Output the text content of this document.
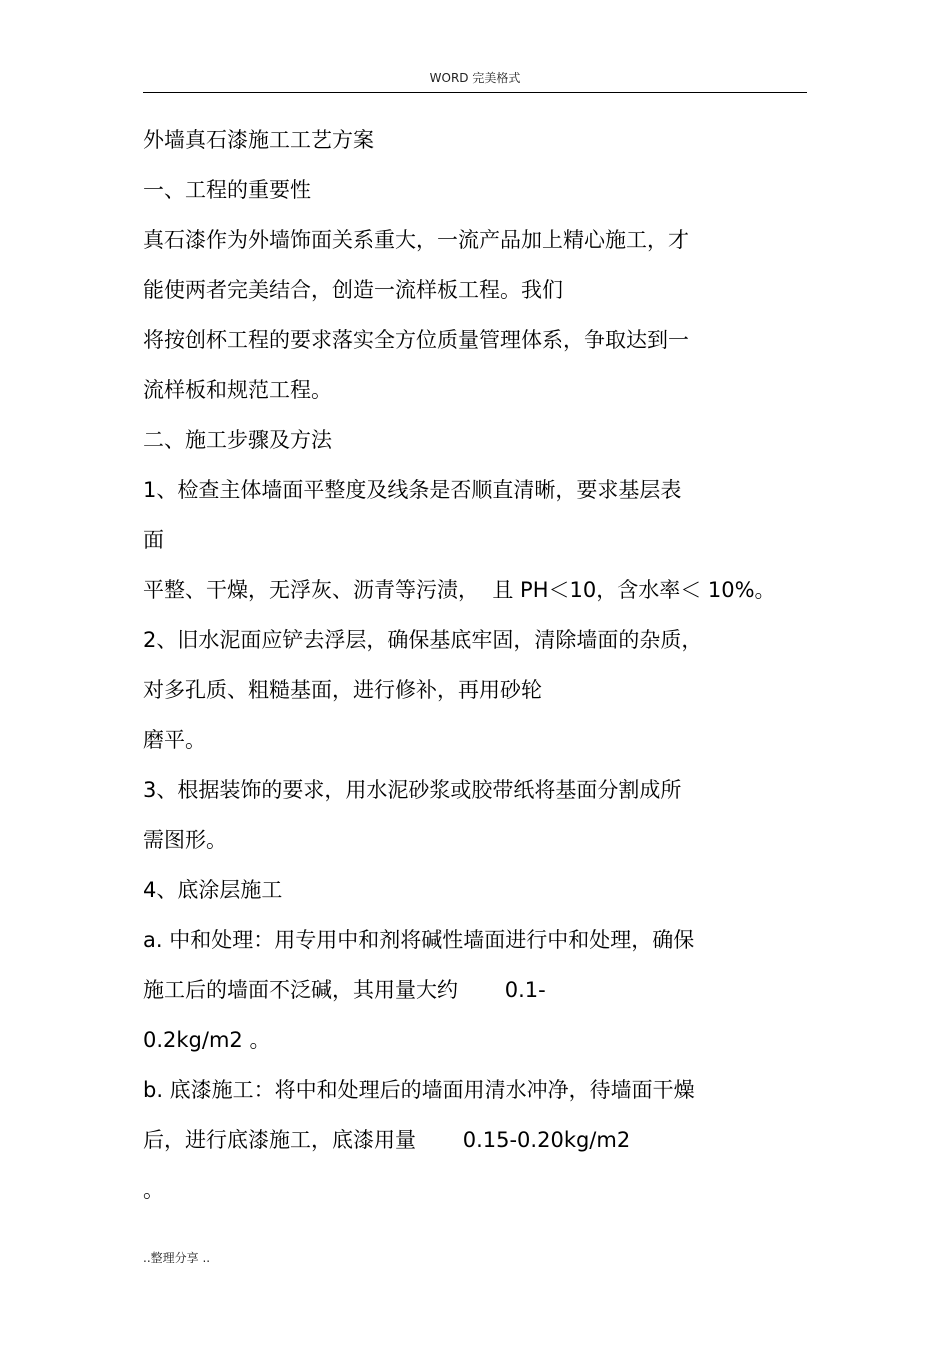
WORD 完美格式
外墙真石漆施工工艺方案
一、工程的重要性
真石漆作为外墙饰面关系重大，一流产品加上精心施工，才
能使两者完美结合，创造一流样板工程。我们
将按创杯工程的要求落实全方位质量管理体系，争取达到一
流样板和规范工程。
二、施工步骤及方法
1、检查主体墙面平整度及线条是否顺直清晰，要求基层表
面
平整、干燥，无浮灰、沥青等污渍，  且 PH＜10，含水率＜ 10%。
2、旧水泥面应铲去浮层，确保基底牢固，清除墙面的杂质，
对多孔质、粗糙基面，进行修补，再用砂轮
磨平。
3、根据装饰的要求，用水泥砂浆或胶带纸将基面分割成所
需图形。
4、底涂层施工
a. 中和处理：用专用中和剂将碱性墙面进行中和处理，确保
施工后的墙面不泛碱，其用量大约       0.1-
0.2kg/m2 。
b. 底漆施工：将中和处理后的墙面用清水冲净，待墙面干燥
后，进行底漆施工，底漆用量       0.15-0.20kg/m2
。
..整理分享 ..
